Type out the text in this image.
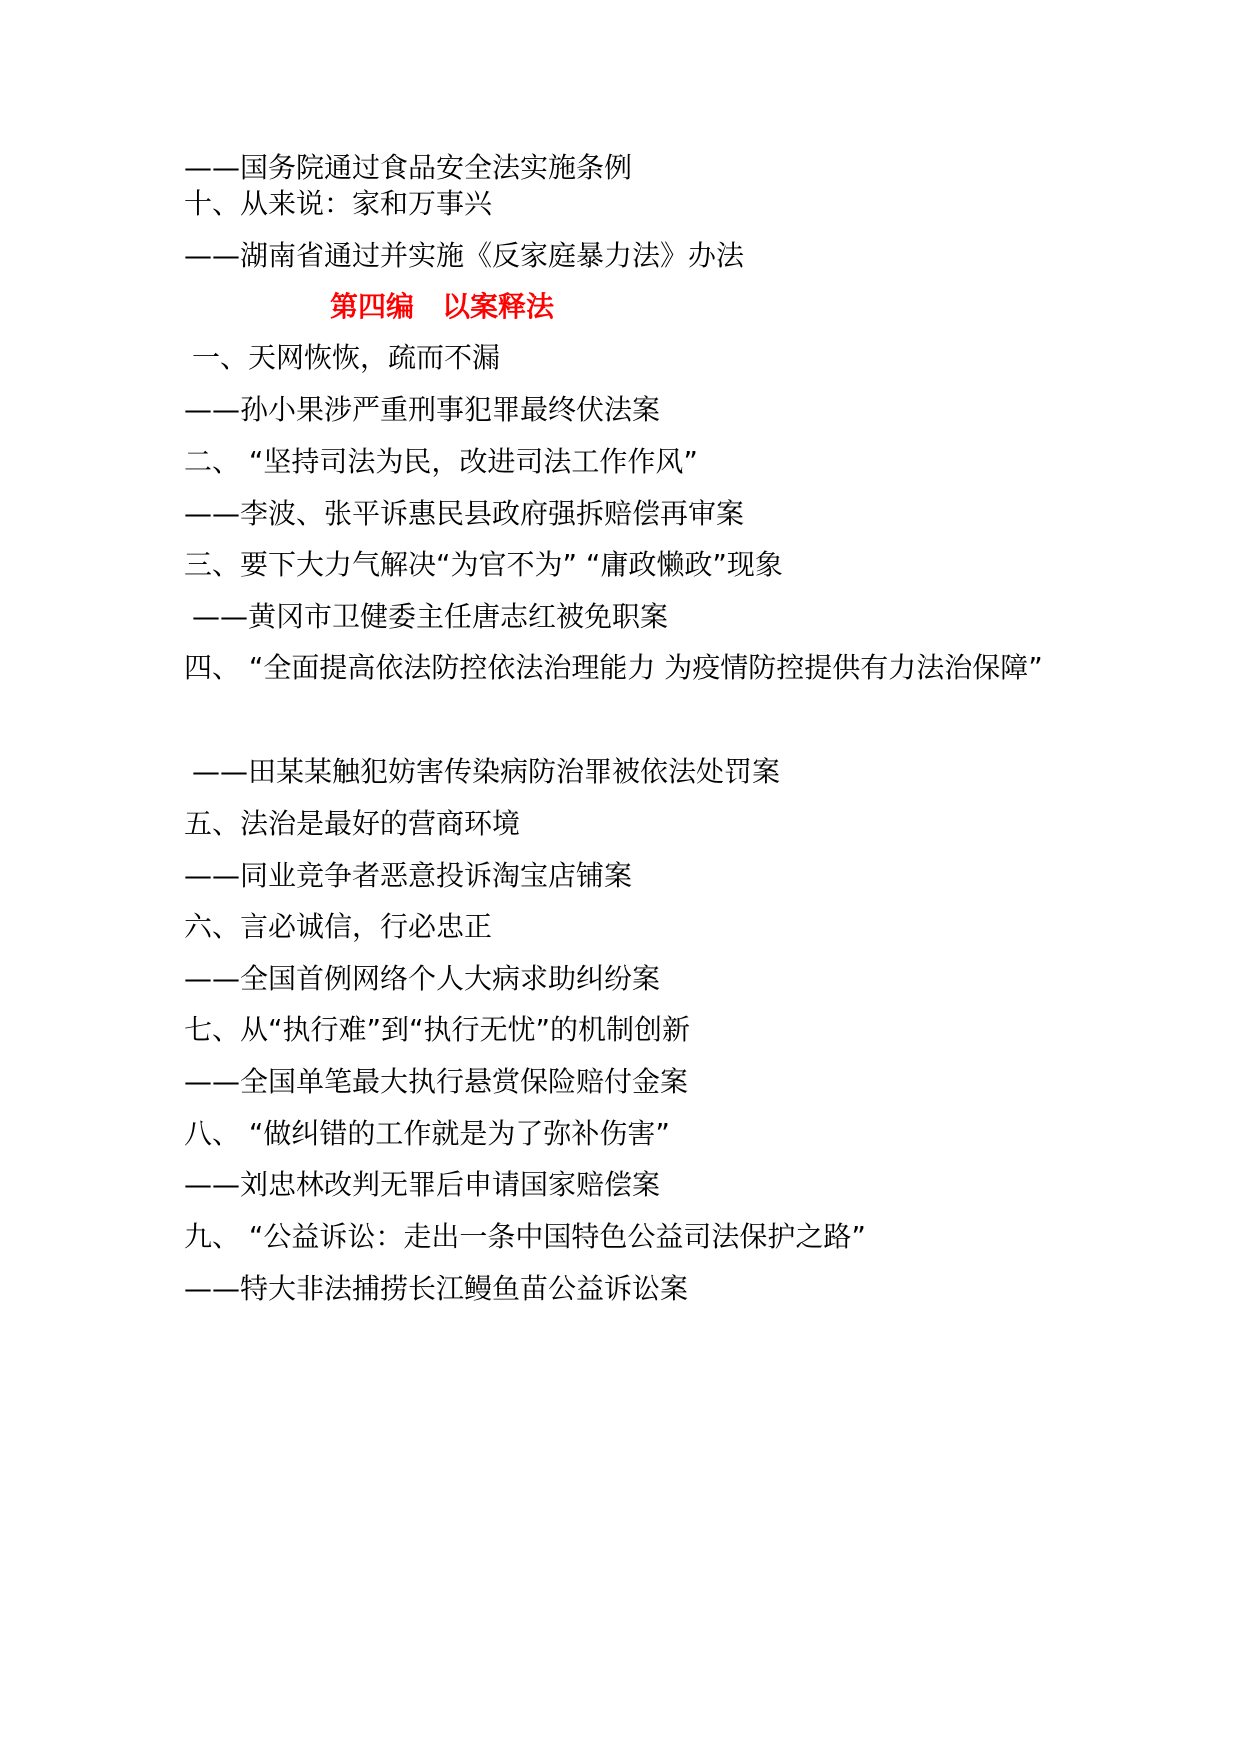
——国务院通过食品安全法实施条例
十、从来说：家和万事兴
——湖南省通过并实施《反家庭暴力法》办法
第四编　以案释法
一、天网恢恢，疏而不漏
——孙小果涉严重刑事犯罪最终伏法案
二、 “坚持司法为民，改进司法工作作风”
——李波、张平诉惠民县政府强拆赔偿再审案
三、要下大力气解决“为官不为” “庸政懒政”现象
——黄冈市卫健委主任唐志红被免职案
四、 “全面提高依法防控依法治理能力 为疫情防控提供有力法治保障”
——田某某触犯妨害传染病防治罪被依法处罚案
五、法治是最好的营商环境
——同业竞争者恶意投诉淘宝店铺案
六、言必诚信，行必忠正
——全国首例网络个人大病求助纠纷案
七、从“执行难”到“执行无忧”的机制创新
——全国单笔最大执行悬赏保险赔付金案
八、 “做纠错的工作就是为了弥补伤害”
——刘忠林改判无罪后申请国家赔偿案
九、 “公益诉讼：走出一条中国特色公益司法保护之路”
——特大非法捕捞长江鳗鱼苗公益诉讼案
